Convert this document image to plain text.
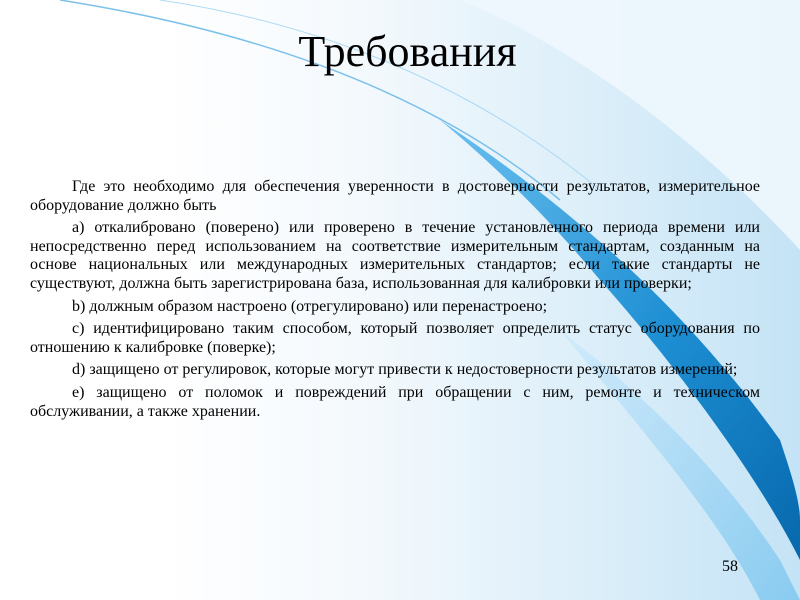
Требования

Где это необходимо для обеспечения уверенности в достоверности результатов, измерительное оборудование должно быть

a) откалибровано (поверено) или проверено в течение установленного периода времени или непосредственно перед использованием на соответствие измерительным стандартам, созданным на основе национальных или международных измерительных стандартов; если такие стандарты не существуют, должна быть зарегистрирована база, использованная для калибровки или проверки;

b) должным образом настроено (отрегулировано) или перенастроено;

c) идентифицировано таким способом, который позволяет определить статус оборудования по отношению к калибровке (поверке);

d) защищено от регулировок, которые могут привести к недостоверности результатов измерений;

e) защищено от поломок и повреждений при обращении с ним, ремонте и техническом обслуживании, а также хранении.

58
